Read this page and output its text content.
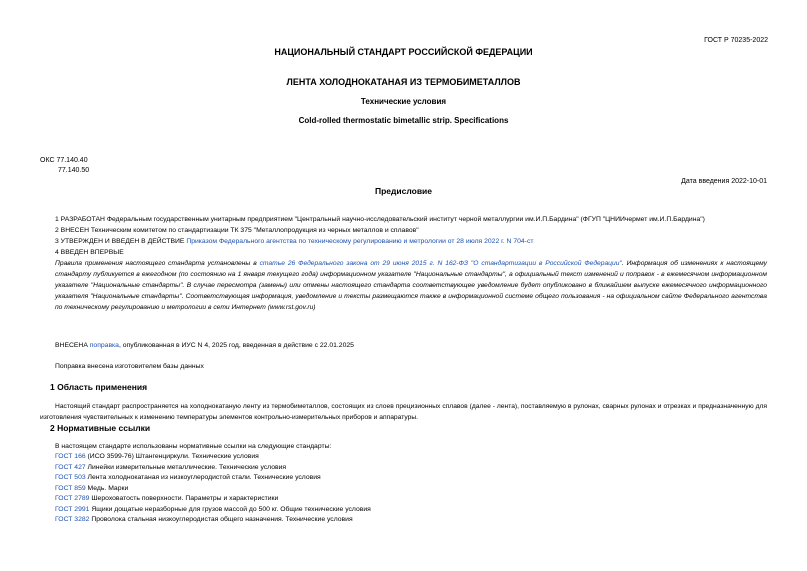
ГОСТ Р 70235-2022
НАЦИОНАЛЬНЫЙ СТАНДАРТ РОССИЙСКОЙ ФЕДЕРАЦИИ
ЛЕНТА ХОЛОДНОКАТАНАЯ ИЗ ТЕРМОБИМЕТАЛЛОВ
Технические условия
Cold-rolled thermostatic bimetallic strip. Specifications
ОКС 77.140.40
77.140.50
Дата введения 2022-10-01
Предисловие
1 РАЗРАБОТАН Федеральным государственным унитарным предприятием "Центральный научно-исследовательский институт черной металлургии им.И.П.Бардина" (ФГУП "ЦНИИчермет им.И.П.Бардина")
2 ВНЕСЕН Техническим комитетом по стандартизации ТК 375 "Металлопродукция из черных металлов и сплавов"
3 УТВЕРЖДЕН И ВВЕДЕН В ДЕЙСТВИЕ Приказом Федерального агентства по техническому регулированию и метрологии от 28 июля 2022 г. N 704-ст
4 ВВЕДЕН ВПЕРВЫЕ
Правила применения настоящего стандарта установлены в статье 26 Федерального закона от 29 июня 2015 г. N 162-ФЗ "О стандартизации в Российской Федерации". Информация об изменениях к настоящему стандарту публикуется в ежегодном (по состоянию на 1 января текущего года) информационном указателе "Национальные стандарты", а официальный текст изменений и поправок - в ежемесячном информационном указателе "Национальные стандарты". В случае пересмотра (замены) или отмены настоящего стандарта соответствующее уведомление будет опубликовано в ближайшем выпуске ежемесячного информационного указателя "Национальные стандарты". Соответствующая информация, уведомление и тексты размещаются также в информационной системе общего пользования - на официальном сайте Федерального агентства по техническому регулированию и метрологии в сети Интернет (www.rst.gov.ru)
ВНЕСЕНА поправка, опубликованная в ИУС N 4, 2025 год, введенная в действие с 22.01.2025
Поправка внесена изготовителем базы данных
1 Область применения
Настоящий стандарт распространяется на холоднокатаную ленту из термобиметаллов, состоящих из слоев прецизионных сплавов (далее - лента), поставляемую в рулонах, сварных рулонах и отрезках и предназначенную для изготовления чувствительных к изменению температуры элементов контрольно-измерительных приборов и аппаратуры.
2 Нормативные ссылки
В настоящем стандарте использованы нормативные ссылки на следующие стандарты:
ГОСТ 166 (ИСО 3599-76) Штангенциркули. Технические условия
ГОСТ 427 Линейки измерительные металлические. Технические условия
ГОСТ 503 Лента холоднокатаная из низкоуглеродистой стали. Технические условия
ГОСТ 859 Медь. Марки
ГОСТ 2789 Шероховатость поверхности. Параметры и характеристики
ГОСТ 2991 Ящики дощатые неразборные для грузов массой до 500 кг. Общие технические условия
ГОСТ 3282 Проволока стальная низкоуглеродистая общего назначения. Технические условия
